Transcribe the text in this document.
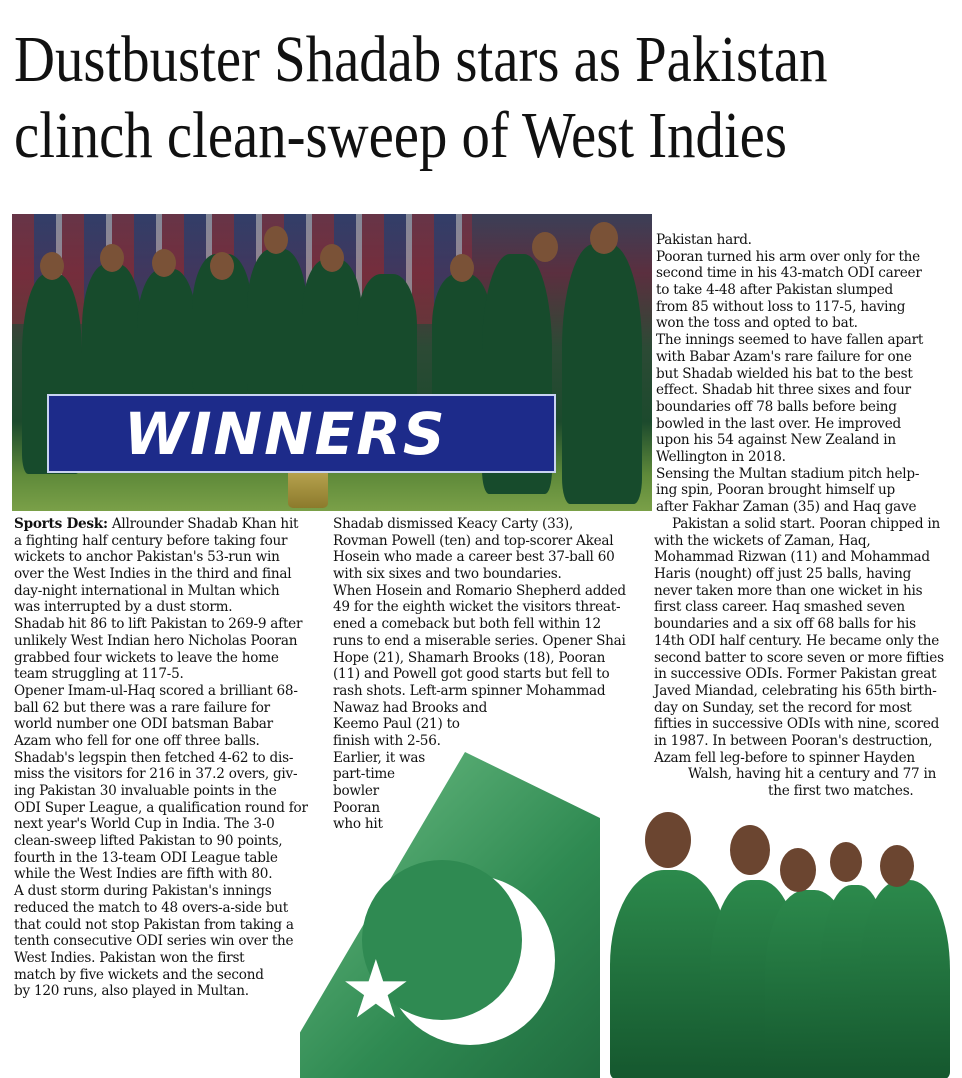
Dustbuster Shadab stars as Pakistan
clinch clean-sweep of West Indies
WINNERS
Sports Desk: Allrounder Shadab Khan hit
a fighting half century before taking four
wickets to anchor Pakistan's 53-run win
over the West Indies in the third and final
day-night international in Multan which
was interrupted by a dust storm.
Shadab hit 86 to lift Pakistan to 269-9 after
unlikely West Indian hero Nicholas Pooran
grabbed four wickets to leave the home
team struggling at 117-5.
Opener Imam-ul-Haq scored a brilliant 68-
ball 62 but there was a rare failure for
world number one ODI batsman Babar
Azam who fell for one off three balls.
Shadab's legspin then fetched 4-62 to dis-
miss the visitors for 216 in 37.2 overs, giv-
ing Pakistan 30 invaluable points in the
ODI Super League, a qualification round for
next year's World Cup in India. The 3-0
clean-sweep lifted Pakistan to 90 points,
fourth in the 13-team ODI League table
while the West Indies are fifth with 80.
A dust storm during Pakistan's innings
reduced the match to 48 overs-a-side but
that could not stop Pakistan from taking a
tenth consecutive ODI series win over the
West Indies. Pakistan won the first
match by five wickets and the second
by 120 runs, also played in Multan.
Shadab dismissed Keacy Carty (33),
Rovman Powell (ten) and top-scorer Akeal
Hosein who made a career best 37-ball 60
with six sixes and two boundaries.
When Hosein and Romario Shepherd added
49 for the eighth wicket the visitors threat-
ened a comeback but both fell within 12
runs to end a miserable series. Opener Shai
Hope (21), Shamarh Brooks (18), Pooran
(11) and Powell got good starts but fell to
rash shots. Left-arm spinner Mohammad
Nawaz had Brooks and
Keemo Paul (21) to
finish with 2-56.
Earlier, it was
part-time
bowler
Pooran
who hit
Pakistan hard.
Pooran turned his arm over only for the
second time in his 43-match ODI career
to take 4-48 after Pakistan slumped
from 85 without loss to 117-5, having
won the toss and opted to bat.
The innings seemed to have fallen apart
with Babar Azam's rare failure for one
but Shadab wielded his bat to the best
effect. Shadab hit three sixes and four
boundaries off 78 balls before being
bowled in the last over. He improved
upon his 54 against New Zealand in
Wellington in 2018.
Sensing the Multan stadium pitch help-
ing spin, Pooran brought himself up
after Fakhar Zaman (35) and Haq gave
Pakistan a solid start. Pooran chipped in
with the wickets of Zaman, Haq,
Mohammad Rizwan (11) and Mohammad
Haris (nought) off just 25 balls, having
never taken more than one wicket in his
first class career. Haq smashed seven
boundaries and a six off 68 balls for his
14th ODI half century. He became only the
second batter to score seven or more fifties
in successive ODIs. Former Pakistan great
Javed Miandad, celebrating his 65th birth-
day on Sunday, set the record for most
fifties in successive ODIs with nine, scored
in 1987. In between Pooran's destruction,
Azam fell leg-before to spinner Hayden
Walsh, having hit a century and 77 in
the first two matches.
★
